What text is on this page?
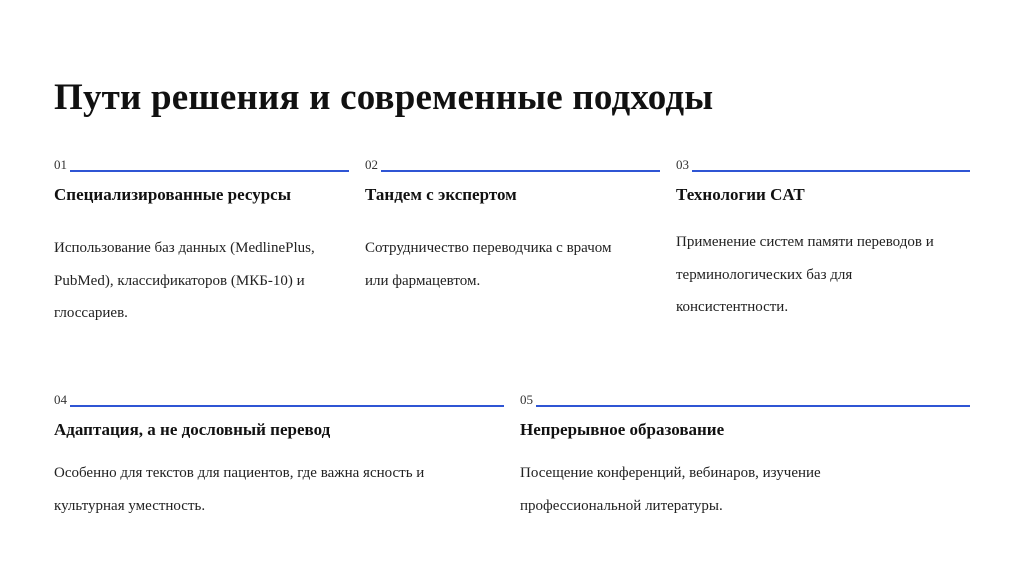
Пути решения и современные подходы
01
Специализированные ресурсы
Использование баз данных (MedlinePlus,
PubMed), классификаторов (МКБ-10) и
глоссариев.
02
Тандем с экспертом
Сотрудничество переводчика с врачом
или фармацевтом.
03
Технологии CAT
Применение систем памяти переводов и
терминологических баз для
консистентности.
04
Адаптация, а не дословный перевод
Особенно для текстов для пациентов, где важна ясность и
культурная уместность.
05
Непрерывное образование
Посещение конференций, вебинаров, изучение
профессиональной литературы.
